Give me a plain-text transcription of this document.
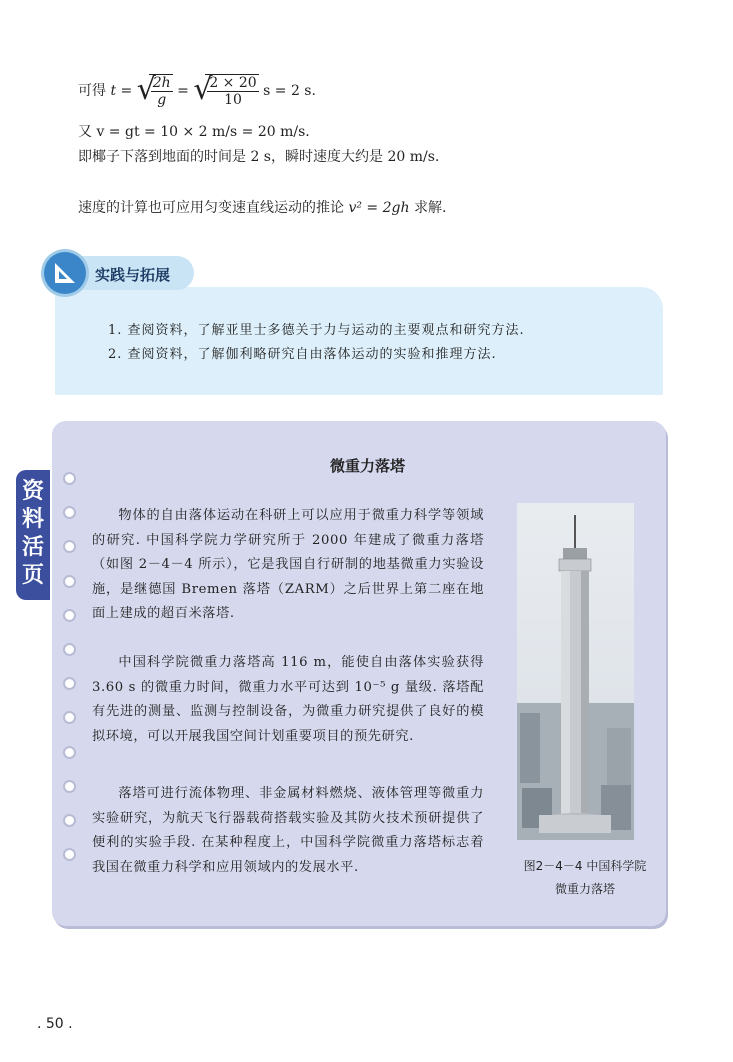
可得 t = √
$\frac{2h}{g}$ = √
$\frac{2 \times 20}{10}$ s = 2 s.
又 v = gt = 10 × 2 m/s = 20 m/s.
即椰子下落到地面的时间是 2 s，瞬时速度大约是 20 m/s.
速度的计算也可应用匀变速直线运动的推论 v² = 2gh 求解.
实践与拓展
1. 查阅资料，了解亚里士多德关于力与运动的主要观点和研究方法.
2. 查阅资料，了解伽利略研究自由落体运动的实验和推理方法.
资料活页
微重力落塔

物体的自由落体运动在科研上可以应用于微重力科学等领域的研究. 中国科学院力学研究所于 2000 年建成了微重力落塔（如图 2－4－4 所示），它是我国自行研制的地基微重力实验设施，是继德国 Bremen 落塔（ZARM）之后世界上第二座在地面上建成的超百米落塔.

中国科学院微重力落塔高 116 m，能使自由落体实验获得 3.60 s 的微重力时间，微重力水平可达到 10⁻⁵ g 量级. 落塔配有先进的测量、监测与控制设备，为微重力研究提供了良好的模拟环境，可以开展我国空间计划重要项目的预先研究.

落塔可进行流体物理、非金属材料燃烧、液体管理等微重力实验研究，为航天飞行器载荷搭载实验及其防火技术预研提供了便利的实验手段. 在某种程度上，中国科学院微重力落塔标志着我国在微重力科学和应用领域内的发展水平.	图2－4－4 中国科学院
微重力落塔
. 50 .
